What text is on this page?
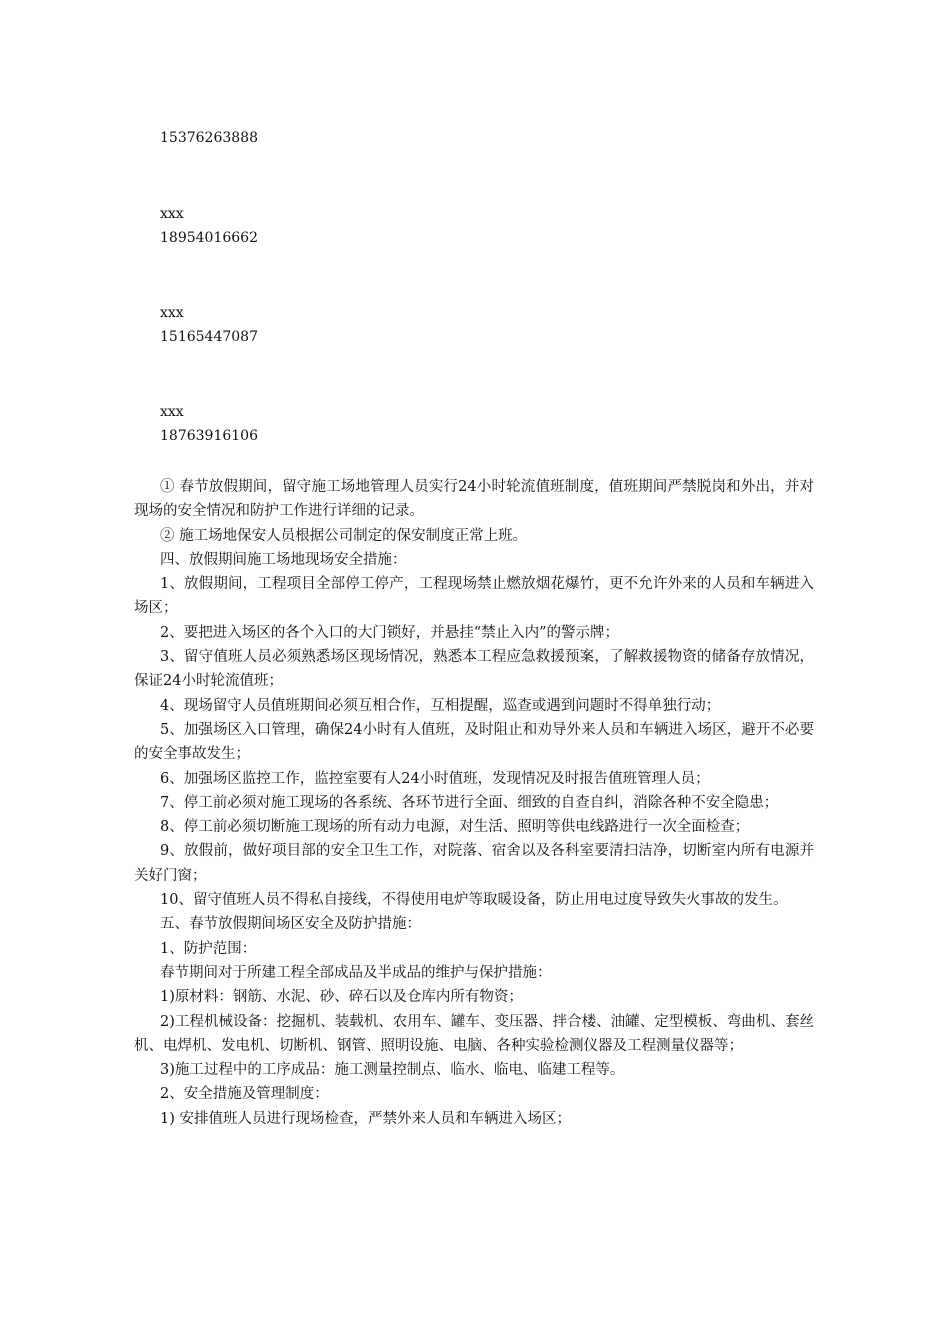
15376263888
xxx
18954016662
xxx
15165447087
xxx
18763916106

① 春节放假期间，留守施工场地管理人员实行24小时轮流值班制度，值班期间严禁脱岗和外出，并对现场的安全情况和防护工作进行详细的记录。

② 施工场地保安人员根据公司制定的保安制度正常上班。

四、放假期间施工场地现场安全措施：

1、放假期间，工程项目全部停工停产，工程现场禁止燃放烟花爆竹，更不允许外来的人员和车辆进入场区；

2、要把进入场区的各个入口的大门锁好，并悬挂“禁止入内”的警示牌；

3、留守值班人员必须熟悉场区现场情况，熟悉本工程应急救援预案，了解救援物资的储备存放情况，保证24小时轮流值班；

4、现场留守人员值班期间必须互相合作，互相提醒，巡查或遇到问题时不得单独行动；

5、加强场区入口管理，确保24小时有人值班，及时阻止和劝导外来人员和车辆进入场区，避开不必要的安全事故发生；

6、加强场区监控工作，监控室要有人24小时值班，发现情况及时报告值班管理人员；

7、停工前必须对施工现场的各系统、各环节进行全面、细致的自查自纠，消除各种不安全隐患；

8、停工前必须切断施工现场的所有动力电源，对生活、照明等供电线路进行一次全面检查；

9、放假前，做好项目部的安全卫生工作，对院落、宿舍以及各科室要清扫洁净，切断室内所有电源并关好门窗；

10、留守值班人员不得私自接线，不得使用电炉等取暖设备，防止用电过度导致失火事故的发生。

五、春节放假期间场区安全及防护措施：

1、防护范围：

春节期间对于所建工程全部成品及半成品的维护与保护措施：

1)原材料：钢筋、水泥、砂、碎石以及仓库内所有物资；

2)工程机械设备：挖掘机、装载机、农用车、罐车、变压器、拌合楼、油罐、定型模板、弯曲机、套丝机、电焊机、发电机、切断机、钢管、照明设施、电脑、各种实验检测仪器及工程测量仪器等；

3)施工过程中的工序成品：施工测量控制点、临水、临电、临建工程等。

2、安全措施及管理制度：

1) 安排值班人员进行现场检查，严禁外来人员和车辆进入场区；
